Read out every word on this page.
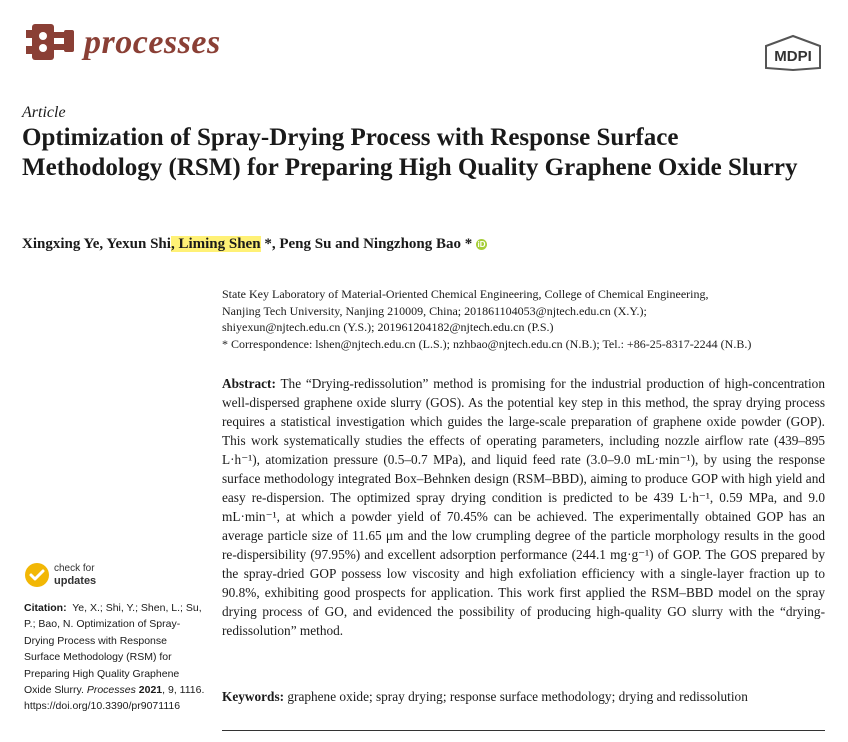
processes	MDPI
Article
Optimization of Spray-Drying Process with Response Surface Methodology (RSM) for Preparing High Quality Graphene Oxide Slurry
Xingxing Ye, Yexun Shi, Liming Shen *, Peng Su and Ningzhong Bao * iD
State Key Laboratory of Material-Oriented Chemical Engineering, College of Chemical Engineering,
Nanjing Tech University, Nanjing 210009, China; 201861104053@njtech.edu.cn (X.Y.);
shiyexun@njtech.edu.cn (Y.S.); 201961204182@njtech.edu.cn (P.S.)
* Correspondence: lshen@njtech.edu.cn (L.S.); nzhbao@njtech.edu.cn (N.B.); Tel.: +86-25-8317-2244 (N.B.)
Abstract: The “Drying-redissolution” method is promising for the industrial production of high-concentration well-dispersed graphene oxide slurry (GOS). As the potential key step in this method, the spray drying process requires a statistical investigation which guides the large-scale preparation of graphene oxide powder (GOP). This work systematically studies the effects of operating parameters, including nozzle airflow rate (439–895 L·h⁻¹), atomization pressure (0.5–0.7 MPa), and liquid feed rate (3.0–9.0 mL·min⁻¹), by using the response surface methodology integrated Box–Behnken design (RSM–BBD), aiming to produce GOP with high yield and easy re-dispersion. The optimized spray drying condition is predicted to be 439 L·h⁻¹, 0.59 MPa, and 9.0 mL·min⁻¹, at which a powder yield of 70.45% can be achieved. The experimentally obtained GOP has an average particle size of 11.65 μm and the low crumpling degree of the particle morphology results in the good re-dispersibility (97.95%) and excellent adsorption performance (244.1 mg·g⁻¹) of GOP. The GOS prepared by the spray-dried GOP possess low viscosity and high exfoliation efficiency with a single-layer fraction up to 90.8%, exhibiting good prospects for application. This work first applied the RSM–BBD model on the spray drying process of GO, and evidenced the possibility of producing high-quality GO slurry with the “drying-redissolution” method.
Keywords: graphene oxide; spray drying; response surface methodology; drying and redissolution
check for
updates
Citation: Ye, X.; Shi, Y.; Shen, L.; Su,
P.; Bao, N. Optimization of Spray-
Drying Process with Response
Surface Methodology (RSM) for
Preparing High Quality Graphene
Oxide Slurry. Processes 2021, 9, 1116.
https://doi.org/10.3390/pr9071116
